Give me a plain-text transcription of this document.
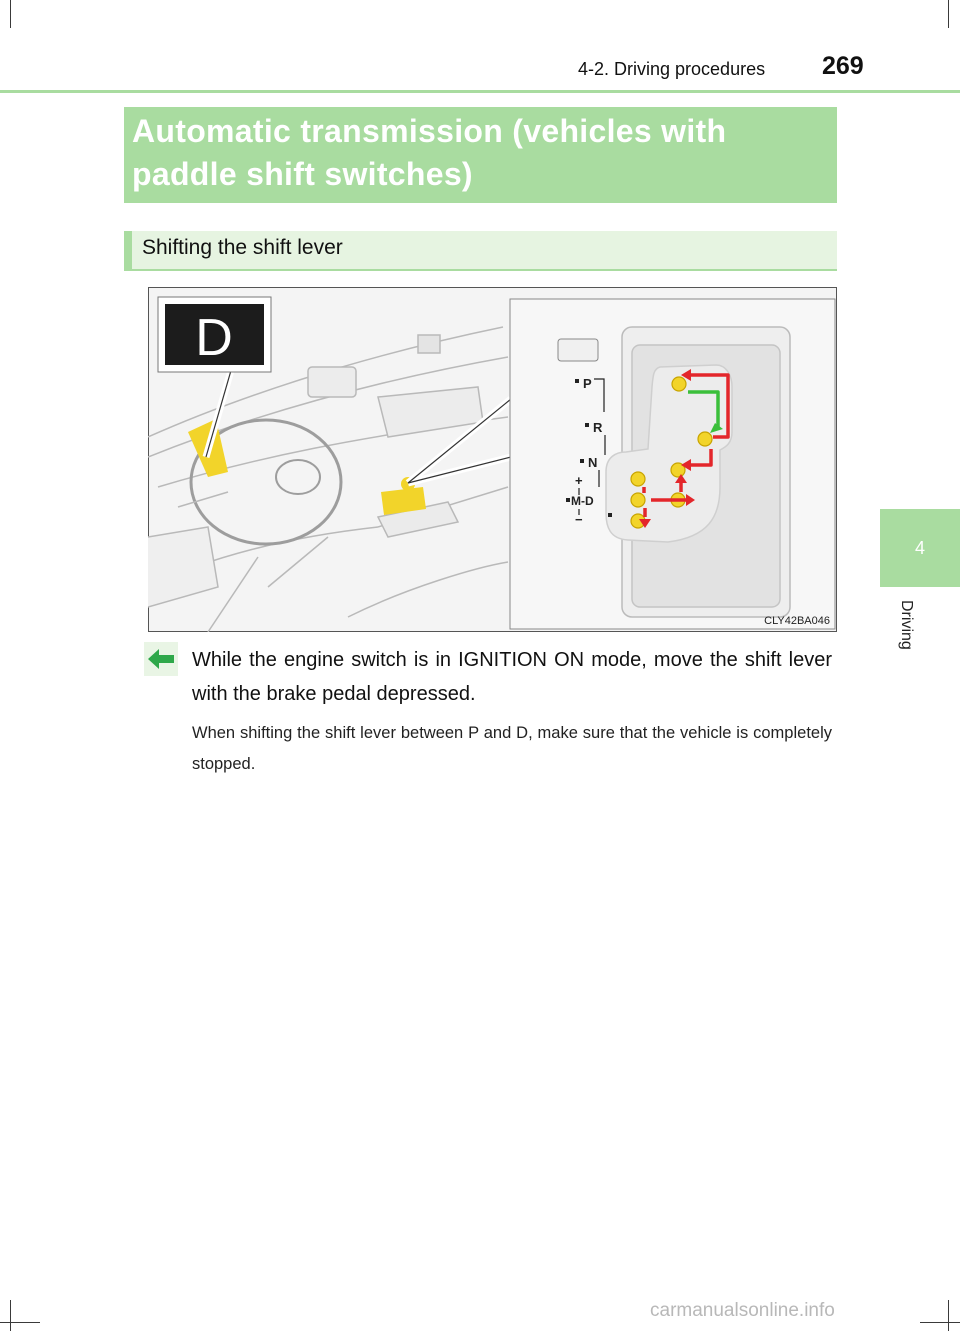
4-2. Driving procedures 269
4
Driving
Automatic transmission (vehicles with paddle shift switches)
Shifting the shift lever
D
P
R
N
+
M-D
−
CLY42BA046
While the engine switch is in IGNITION ON mode, move the shift lever with the brake pedal depressed.
When shifting the shift lever between P and D, make sure that the vehicle is completely stopped.
carmanualsonline.info
